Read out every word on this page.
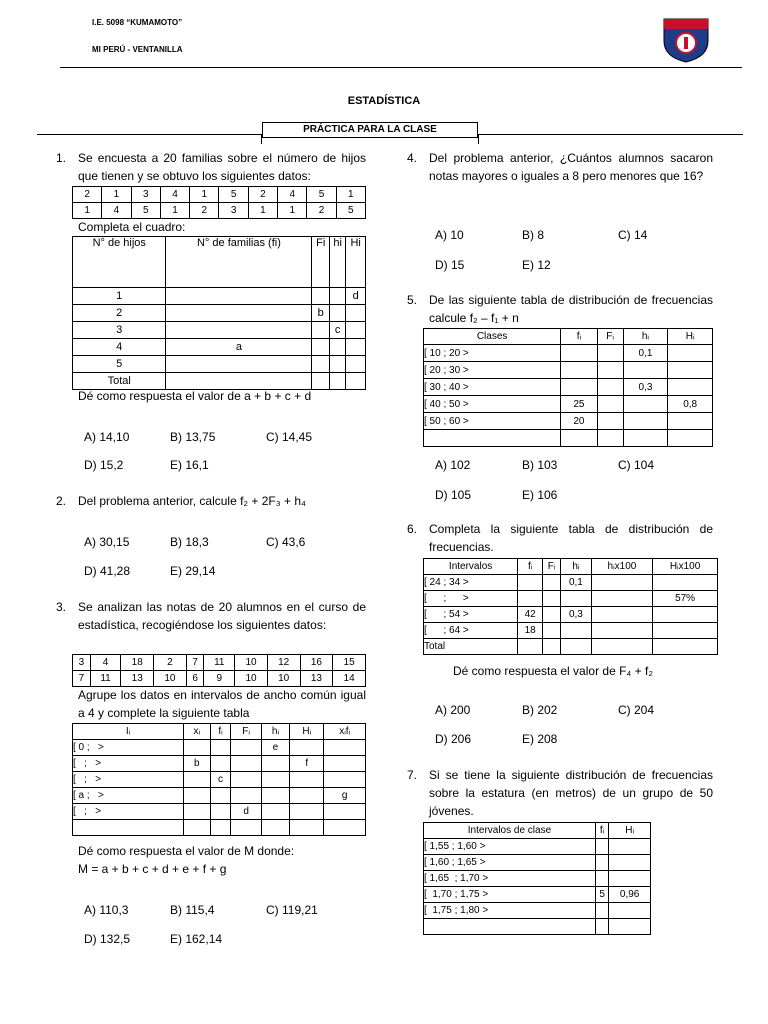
I.E. 5098 “KUMAMOTO”
MI PERÚ - VENTANILLA
ESTADÍSTICA
PRÁCTICA PARA LA CLASE
1. Se encuesta a 20 familias sobre el número de hijos que tienen y se obtuvo los siguientes datos:
2	1	3	4	1	5	2	4	5	1
1	4	5	1	2	3	1	1	2	5
Completa el cuadro:
N° de hijos	N° de familias (fi)	Fi	hi	Hi
1				d
2		b		
3			c	
4	a			
5				
Total				
Dé como respuesta el valor de a + b + c + d
A) 14,10	B) 13,75	C) 14,45
D) 15,2	E) 16,1
2. Del problema anterior, calcule f₂ + 2F₃ + h₄
A) 30,15	B) 18,3	C) 43,6
D) 41,28	E) 29,14
3. Se analizan las notas de 20 alumnos en el curso de estadística, recogiéndose los siguientes datos:
3	4	18	2	7	11	10	12	16	15
7	11	13	10	6	9	10	10	13	14
Agrupe los datos en intervalos de ancho común igual a 4 y complete la siguiente tabla
Iᵢ	xᵢ	fᵢ	Fᵢ	hᵢ	Hᵢ	xᵢfᵢ
[ 0 ;   >				e		
[   ;   >	b				f	
[   ;   >		c				
[ a ;   >						g
[   ;   >			d			

Dé como respuesta el valor de M donde:
M = a + b + c + d + e + f + g
A) 110,3	B) 115,4	C) 119,21
D) 132,5	E) 162,14
4. Del problema anterior, ¿Cuántos alumnos sacaron notas mayores o iguales a 8 pero menores que 16?
A) 10	B) 8	C) 14
D) 15	E) 12
5. De las siguiente tabla de distribución de frecuencias calcule f₂ – f₁ + n
Clases	fᵢ	Fᵢ	hᵢ	Hᵢ
[ 10 ; 20 >			0,1	
[ 20 ; 30 >				
[ 30 ; 40 >			0,3	
[ 40 ; 50 >	25			0,8
[ 50 ; 60 >	20			

A) 102	B) 103	C) 104
D) 105	E) 106
6. Completa la siguiente tabla de distribución de frecuencias.
Intervalos	fᵢ	Fᵢ	hᵢ	hᵢx100	Hᵢx100
[ 24 ; 34 >			0,1		
[      ;      >					57%
[      ; 54 >	42		0,3		
[      ; 64 >	18				
Total					
Dé como respuesta el valor de F₄ + f₂
A) 200	B) 202	C) 204
D) 206	E) 208
7. Si se tiene la siguiente distribución de frecuencias sobre la estatura (en metros) de un grupo de 50 jóvenes.
Intervalos de clase	fᵢ	Hᵢ
[ 1,55 ; 1,60 >		
[ 1,60 ; 1,65 >		
[ 1,65  ; 1,70 >		
[  1,70 ; 1,75 >	5	0,96
[  1,75 ; 1,80 >		
